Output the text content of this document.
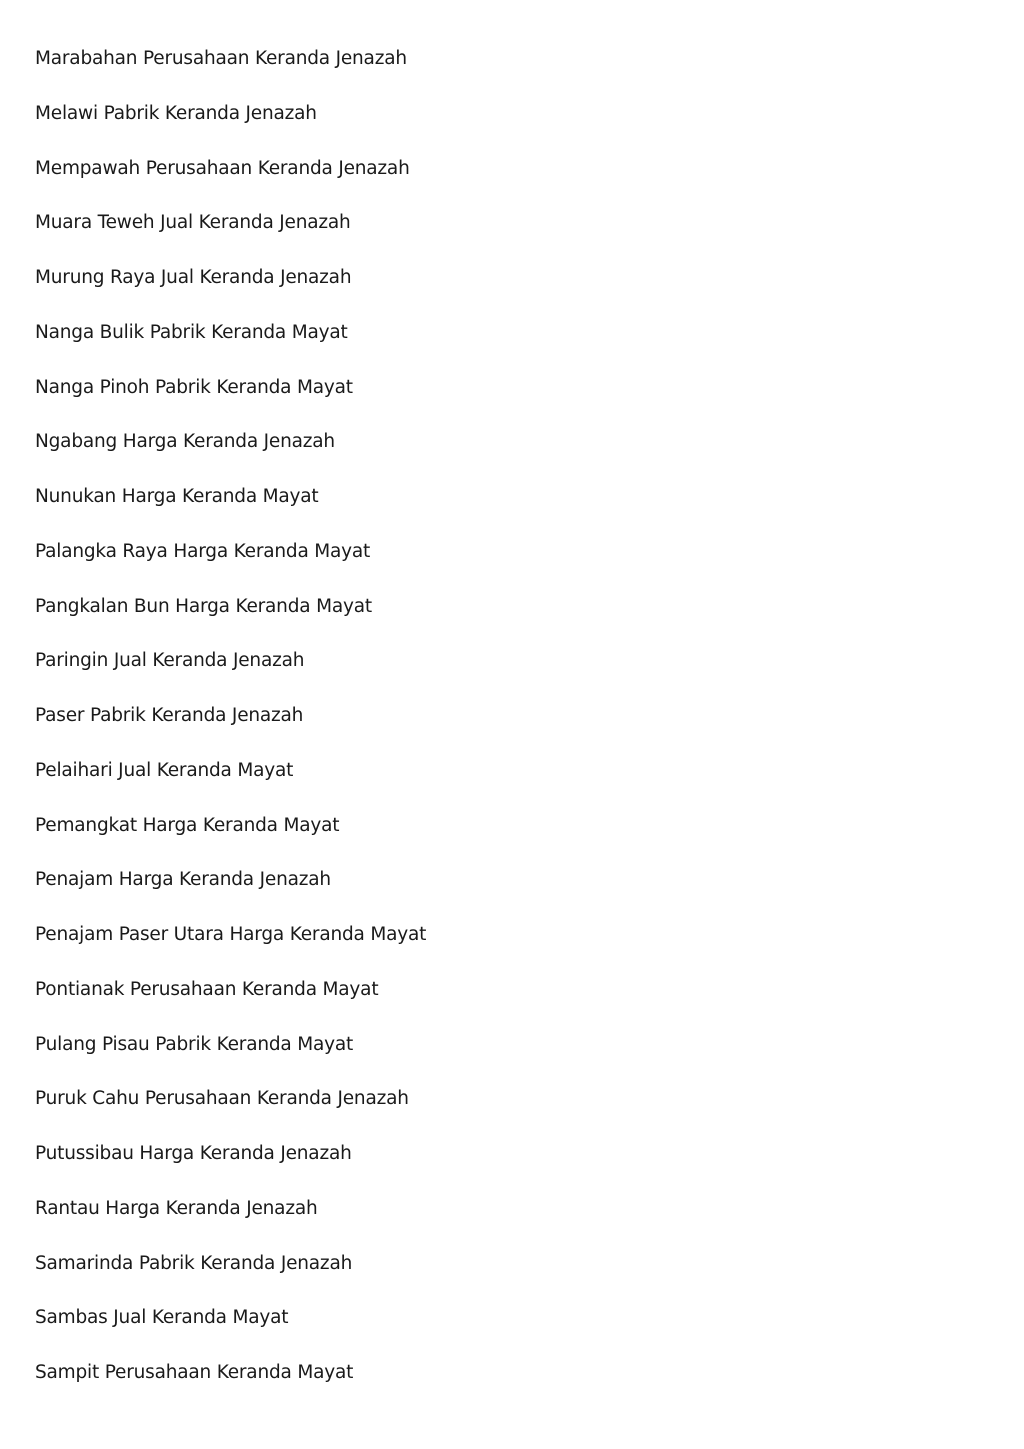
Marabahan Perusahaan Keranda Jenazah
Melawi Pabrik Keranda Jenazah
Mempawah Perusahaan Keranda Jenazah
Muara Teweh Jual Keranda Jenazah
Murung Raya Jual Keranda Jenazah
Nanga Bulik Pabrik Keranda Mayat
Nanga Pinoh Pabrik Keranda Mayat
Ngabang Harga Keranda Jenazah
Nunukan Harga Keranda Mayat
Palangka Raya Harga Keranda Mayat
Pangkalan Bun Harga Keranda Mayat
Paringin Jual Keranda Jenazah
Paser Pabrik Keranda Jenazah
Pelaihari Jual Keranda Mayat
Pemangkat Harga Keranda Mayat
Penajam Harga Keranda Jenazah
Penajam Paser Utara Harga Keranda Mayat
Pontianak Perusahaan Keranda Mayat
Pulang Pisau Pabrik Keranda Mayat
Puruk Cahu Perusahaan Keranda Jenazah
Putussibau Harga Keranda Jenazah
Rantau Harga Keranda Jenazah
Samarinda Pabrik Keranda Jenazah
Sambas Jual Keranda Mayat
Sampit Perusahaan Keranda Mayat
